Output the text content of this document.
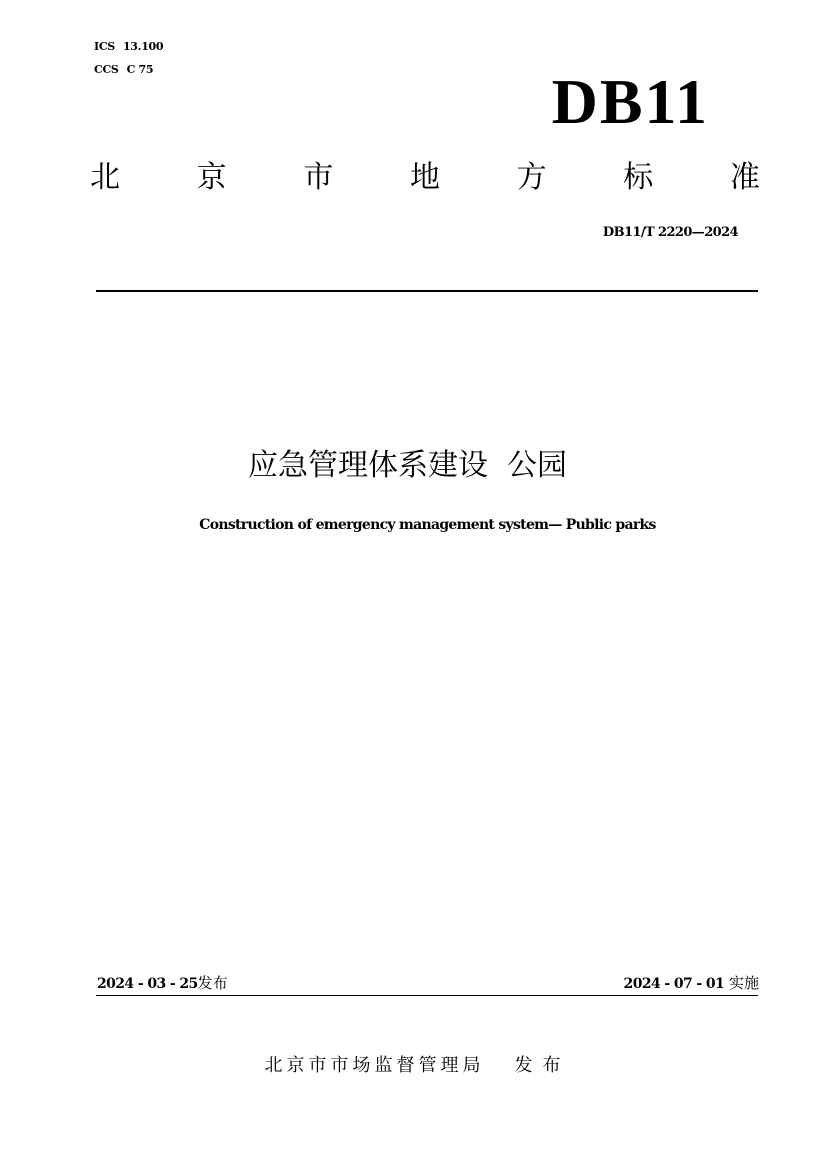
ICS 13.100
CCS C 75	DB11
北	京	市	地	方	标	准
DB11/T 2220—2024
应急管理体系建设  公园
Construction of emergency management system— Public parks
2024 - 03 - 25发布	2024 - 07 - 01 实施
北京市市场监督管理局 发布
